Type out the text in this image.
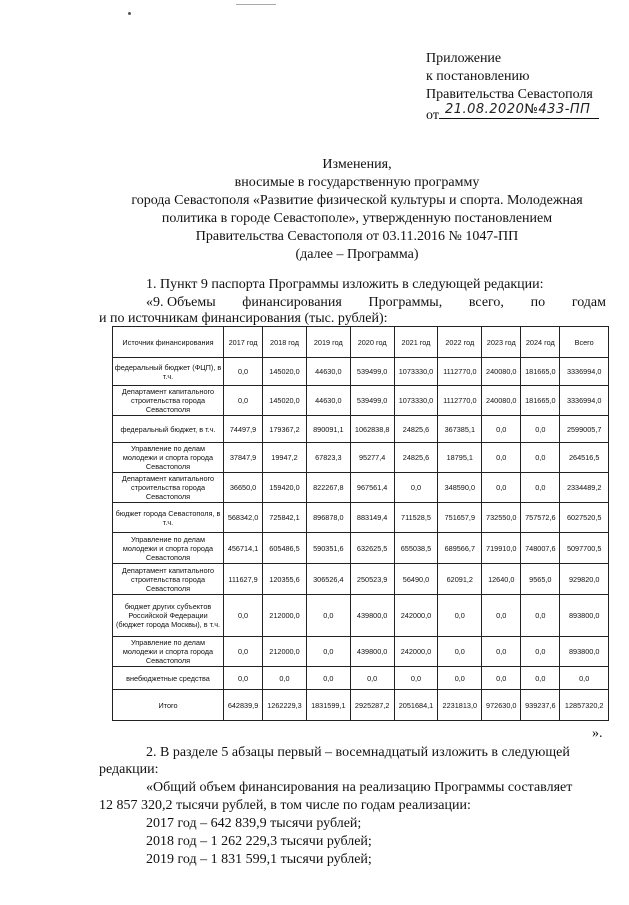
Приложение
к постановлению
Правительства Севастополя
от 21.08.2020№433-ПП
Изменения,
вносимые в государственную программу
города Севастополя «Развитие физической культуры и спорта. Молодежная
политика в городе Севастополе», утвержденную постановлением
Правительства Севастополя от 03.11.2016 № 1047-ПП
(далее – Программа)
1. Пункт 9 паспорта Программы изложить в следующей редакции:
«9. Объемы финансирования Программы, всего, по годам
и по источникам финансирования (тыс. рублей):
Источник финансирования	2017 год	2018 год	2019 год	2020 год	2021 год	2022 год	2023 год	2024 год	Всего
федеральный бюджет (ФЦП), в т.ч.	0,0	145020,0	44630,0	539499,0	1073330,0	1112770,0	240080,0	181665,0	3336994,0
Департамент капитального строительства города Севастополя	0,0	145020,0	44630,0	539499,0	1073330,0	1112770,0	240080,0	181665,0	3336994,0
федеральный бюджет, в т.ч.	74497,9	179367,2	890091,1	1062838,8	24825,6	367385,1	0,0	0,0	2599005,7
Управление по делам молодежи и спорта города Севастополя	37847,9	19947,2	67823,3	95277,4	24825,6	18795,1	0,0	0,0	264516,5
Департамент капитального строительства города Севастополя	36650,0	159420,0	822267,8	967561,4	0,0	348590,0	0,0	0,0	2334489,2
бюджет города Севастополя, в т.ч.	568342,0	725842,1	896878,0	883149,4	711528,5	751657,9	732550,0	757572,6	6027520,5
Управление по делам молодежи и спорта города Севастополя	456714,1	605486,5	590351,6	632625,5	655038,5	689566,7	719910,0	748007,6	5097700,5
Департамент капитального строительства города Севастополя	111627,9	120355,6	306526,4	250523,9	56490,0	62091,2	12640,0	9565,0	929820,0
бюджет других субъектов Российской Федерации (бюджет города Москвы), в т.ч.	0,0	212000,0	0,0	439800,0	242000,0	0,0	0,0	0,0	893800,0
Управление по делам молодежи и спорта города Севастополя	0,0	212000,0	0,0	439800,0	242000,0	0,0	0,0	0,0	893800,0
внебюджетные средства	0,0	0,0	0,0	0,0	0,0	0,0	0,0	0,0	0,0
Итого	642839,9	1262229,3	1831599,1	2925287,2	2051684,1	2231813,0	972630,0	939237,6	12857320,2
».
2. В разделе 5 абзацы первый – восемнадцатый изложить в следующей
редакции:
«Общий объем финансирования на реализацию Программы составляет
12 857 320,2 тысячи рублей, в том числе по годам реализации:
2017 год – 642 839,9 тысячи рублей;
2018 год – 1 262 229,3 тысячи рублей;
2019 год – 1 831 599,1 тысячи рублей;
